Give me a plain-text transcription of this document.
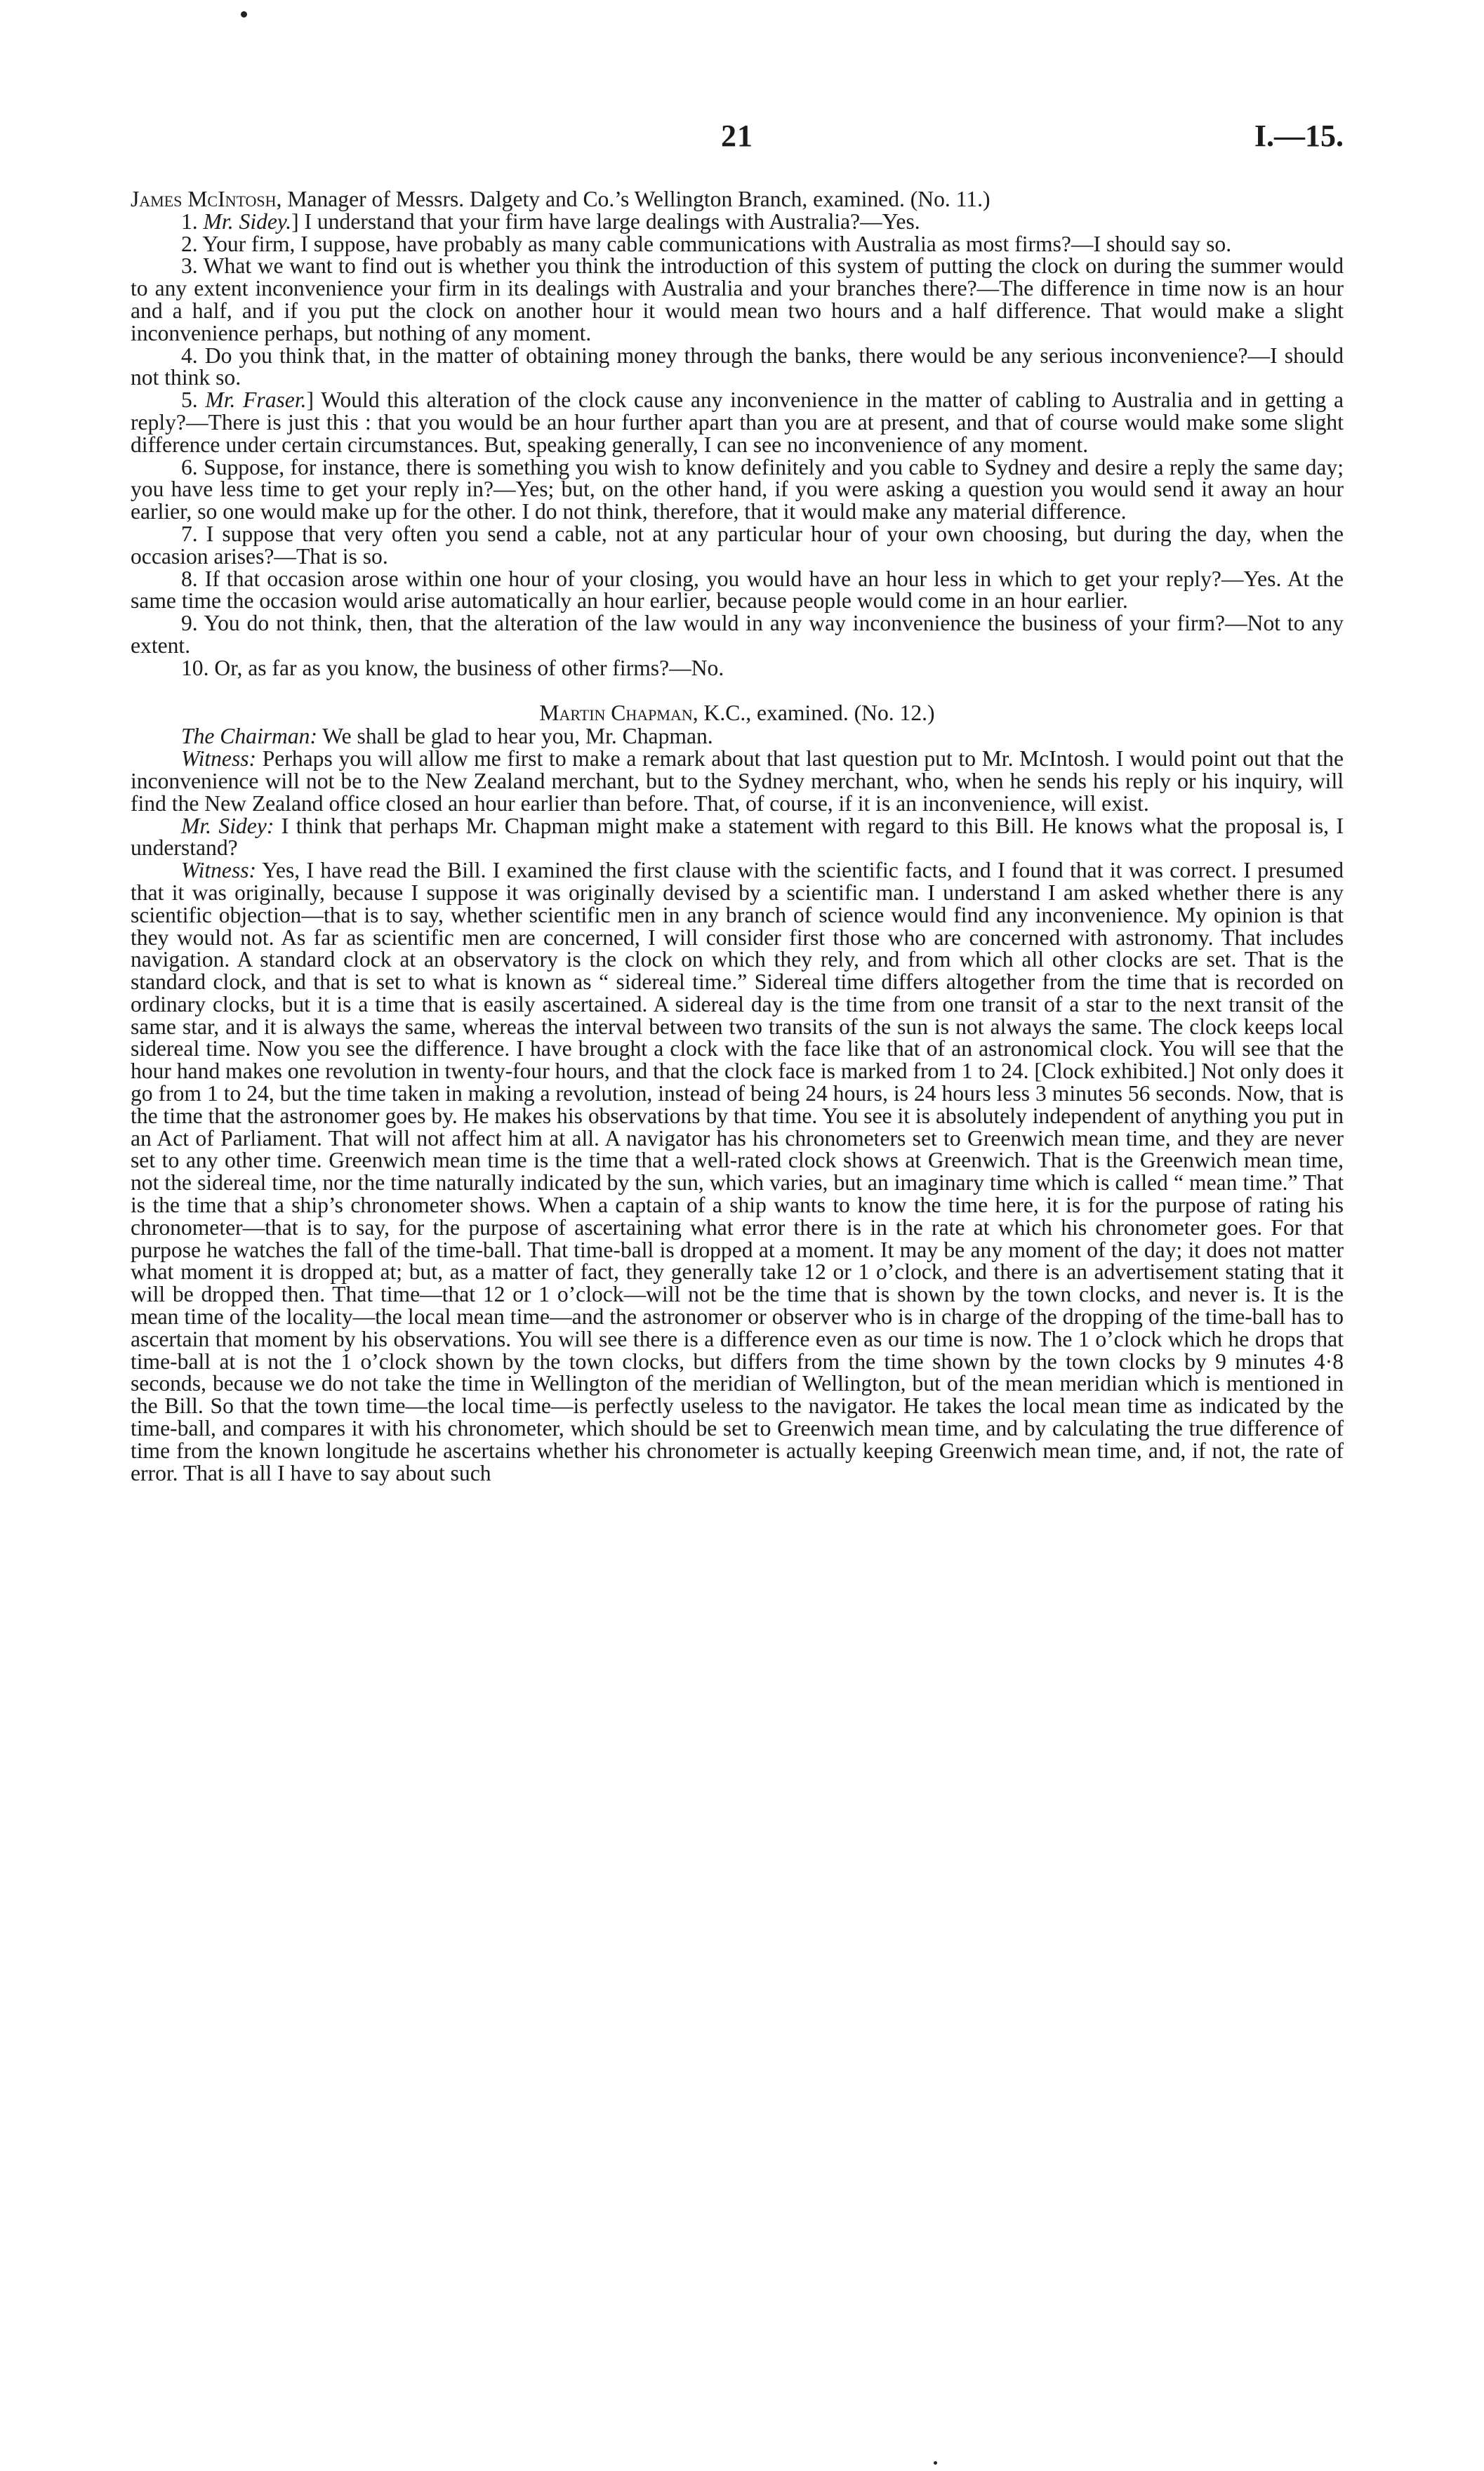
21	I.—15.

James McIntosh, Manager of Messrs. Dalgety and Co.’s Wellington Branch, examined. (No. 11.)

1. Mr. Sidey.] I understand that your firm have large dealings with Australia?—Yes.

2. Your firm, I suppose, have probably as many cable communications with Australia as most firms?—I should say so.

3. What we want to find out is whether you think the introduction of this system of putting the clock on during the summer would to any extent inconvenience your firm in its dealings with Australia and your branches there?—The difference in time now is an hour and a half, and if you put the clock on another hour it would mean two hours and a half difference. That would make a slight inconvenience perhaps, but nothing of any moment.

4. Do you think that, in the matter of obtaining money through the banks, there would be any serious inconvenience?—I should not think so.

5. Mr. Fraser.] Would this alteration of the clock cause any inconvenience in the matter of cabling to Australia and in getting a reply?—There is just this : that you would be an hour further apart than you are at present, and that of course would make some slight difference under certain circumstances. But, speaking generally, I can see no inconvenience of any moment.

6. Suppose, for instance, there is something you wish to know definitely and you cable to Sydney and desire a reply the same day; you have less time to get your reply in?—Yes; but, on the other hand, if you were asking a question you would send it away an hour earlier, so one would make up for the other. I do not think, therefore, that it would make any material difference.

7. I suppose that very often you send a cable, not at any particular hour of your own choosing, but during the day, when the occasion arises?—That is so.

8. If that occasion arose within one hour of your closing, you would have an hour less in which to get your reply?—Yes. At the same time the occasion would arise automatically an hour earlier, because people would come in an hour earlier.

9. You do not think, then, that the alteration of the law would in any way inconvenience the business of your firm?—Not to any extent.

10. Or, as far as you know, the business of other firms?—No.

Martin Chapman, K.C., examined. (No. 12.)

The Chairman: We shall be glad to hear you, Mr. Chapman.

Witness: Perhaps you will allow me first to make a remark about that last question put to Mr. McIntosh. I would point out that the inconvenience will not be to the New Zealand merchant, but to the Sydney merchant, who, when he sends his reply or his inquiry, will find the New Zealand office closed an hour earlier than before. That, of course, if it is an inconvenience, will exist.

Mr. Sidey: I think that perhaps Mr. Chapman might make a statement with regard to this Bill. He knows what the proposal is, I understand?

Witness: Yes, I have read the Bill. I examined the first clause with the scientific facts, and I found that it was correct. I presumed that it was originally, because I suppose it was originally devised by a scientific man. I understand I am asked whether there is any scientific objection—that is to say, whether scientific men in any branch of science would find any inconvenience. My opinion is that they would not. As far as scientific men are concerned, I will consider first those who are concerned with astronomy. That includes navigation. A standard clock at an observatory is the clock on which they rely, and from which all other clocks are set. That is the standard clock, and that is set to what is known as “ sidereal time.” Sidereal time differs altogether from the time that is recorded on ordinary clocks, but it is a time that is easily ascertained. A sidereal day is the time from one transit of a star to the next transit of the same star, and it is always the same, whereas the interval between two transits of the sun is not always the same. The clock keeps local sidereal time. Now you see the difference. I have brought a clock with the face like that of an astronomical clock. You will see that the hour hand makes one revolution in twenty-four hours, and that the clock face is marked from 1 to 24. [Clock exhibited.] Not only does it go from 1 to 24, but the time taken in making a revolution, instead of being 24 hours, is 24 hours less 3 minutes 56 seconds. Now, that is the time that the astronomer goes by. He makes his observations by that time. You see it is absolutely independent of anything you put in an Act of Parliament. That will not affect him at all. A navigator has his chronometers set to Greenwich mean time, and they are never set to any other time. Greenwich mean time is the time that a well-rated clock shows at Greenwich. That is the Greenwich mean time, not the sidereal time, nor the time naturally indicated by the sun, which varies, but an imaginary time which is called “ mean time.” That is the time that a ship’s chronometer shows. When a captain of a ship wants to know the time here, it is for the purpose of rating his chronometer—that is to say, for the purpose of ascertaining what error there is in the rate at which his chronometer goes. For that purpose he watches the fall of the time-ball. That time-ball is dropped at a moment. It may be any moment of the day; it does not matter what moment it is dropped at; but, as a matter of fact, they generally take 12 or 1 o’clock, and there is an advertisement stating that it will be dropped then. That time—that 12 or 1 o’clock—will not be the time that is shown by the town clocks, and never is. It is the mean time of the locality—the local mean time—and the astronomer or observer who is in charge of the dropping of the time-ball has to ascertain that moment by his observations. You will see there is a difference even as our time is now. The 1 o’clock which he drops that time-ball at is not the 1 o’clock shown by the town clocks, but differs from the time shown by the town clocks by 9 minutes 4·8 seconds, because we do not take the time in Wellington of the meridian of Wellington, but of the mean meridian which is mentioned in the Bill. So that the town time—the local time—is perfectly useless to the navigator. He takes the local mean time as indicated by the time-ball, and compares it with his chronometer, which should be set to Greenwich mean time, and by calculating the true difference of time from the known longitude he ascertains whether his chronometer is actually keeping Greenwich mean time, and, if not, the rate of error. That is all I have to say about such
